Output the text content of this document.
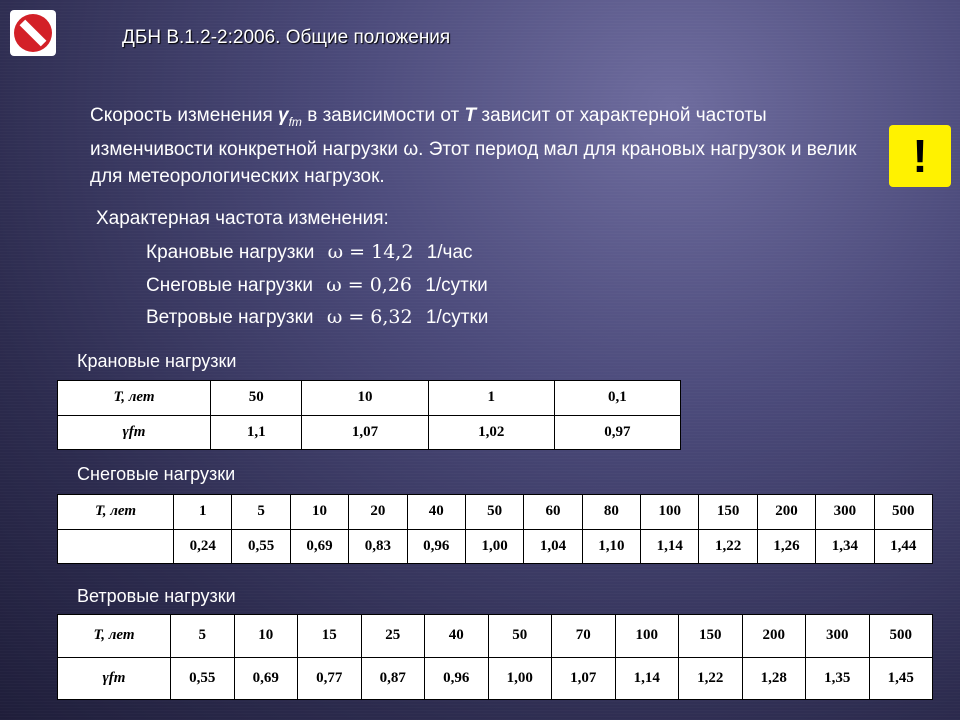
ДБН В.1.2-2:2006. Общие положения
Скорость изменения $\gamma_{fm}$ в зависимости от T зависит от характерной частоты изменчивости конкретной нагрузки ω. Этот период мал для крановых нагрузок и велик для метеорологических нагрузок.	!
Характерная частота изменения:
Крановые нагрузки ω = 14,2 1/час
Снеговые нагрузки ω = 0,26 1/сутки
Ветровые нагрузки ω = 6,32 1/сутки
Крановые нагрузки
T, лет	50	10	1	0,1
γfm	1,1	1,07	1,02	0,97
Снеговые нагрузки
T, лет	1	5	10	20	40	50	60	80	100	150	200	300	500
	0,24	0,55	0,69	0,83	0,96	1,00	1,04	1,10	1,14	1,22	1,26	1,34	1,44
Ветровые нагрузки
T, лет	5	10	15	25	40	50	70	100	150	200	300	500
γfm	0,55	0,69	0,77	0,87	0,96	1,00	1,07	1,14	1,22	1,28	1,35	1,45
